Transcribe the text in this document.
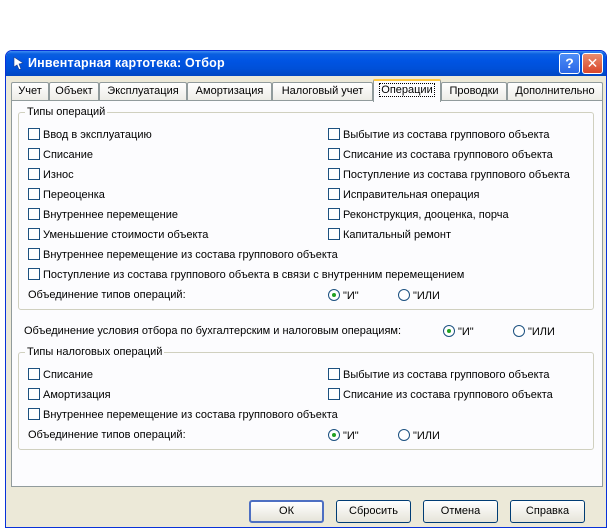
Инвентарная картотека: Отбор	? ✕
Учет	Объект	Эксплуатация	Амортизация	Налоговый учет	Операции	Проводки	Дополнительно
Типы операций
Ввод в эксплуатацию
Списание
Износ
Переоценка
Внутреннее перемещение
Уменьшение стоимости объекта
Внутреннее перемещение из состава группового объекта
Поступление из состава группового объекта в связи с внутренним перемещением
Выбытие из состава группового объекта
Списание из состава группового объекта
Поступление из состава группового объекта
Исправительная операция
Реконструкция, дооценка, порча
Капитальный ремонт
Объединение типов операций:	"И"	"ИЛИ
Объединение условия отбора по бухгалтерским и налоговым операциям:	"И"	"ИЛИ
Типы налоговых операций
Списание
Амортизация
Внутреннее перемещение из состава группового объекта
Выбытие из состава группового объекта
Списание из состава группового объекта
Объединение типов операций:	"И"	"ИЛИ
ОК	Сбросить	Отмена	Справка
